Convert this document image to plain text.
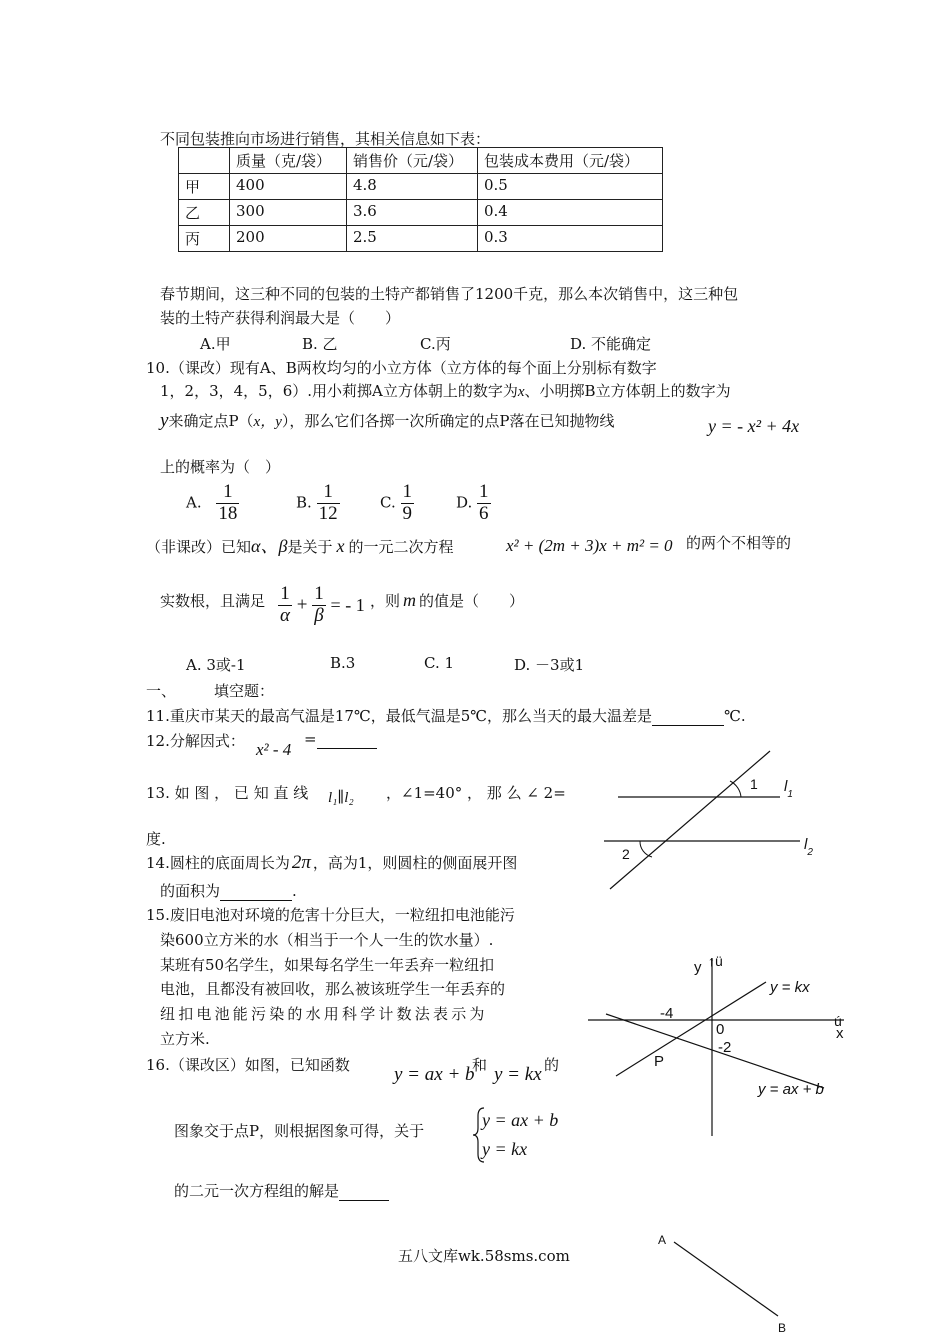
不同包装推向市场进行销售，其相关信息如下表：
	质量（克/袋）	销售价（元/袋）	包装成本费用（元/袋）
甲	400	4.8	0.5
乙	300	3.6	0.4
丙	200	2.5	0.3
春节期间，这三种不同的包装的土特产都销售了1200千克，那么本次销售中，这三种包
装的土特产获得利润最大是（　　）
A.甲	B. 乙	C.丙	D. 不能确定
10.（课改）现有A、B两枚均匀的小立方体（立方体的每个面上分别标有数字
1，2，3，4，5，6）.用小莉掷A立方体朝上的数字为x、小明掷B立方体朝上的数字为
y来确定点P（x，y），那么它们各掷一次所确定的点P落在已知抛物线	y = - x² + 4x
上的概率为（　）
A. $\frac{1}{18}$	B. $\frac{1}{12}$	C. $\frac{1}{9}$	D. $\frac{1}{6}$
（非课改）已知α、β是关于 x 的一元二次方程	x² + (2m + 3)x + m² = 0 的两个不相等的
实数根，且满足 $\frac{1}{\alpha} + \frac{1}{\beta}$ = - 1 ，则 m 的值是（　　）
A. 3或-1	B.3	C. 1	D. －3或1
一、	填空题：
11.重庆市某天的最高气温是17℃，最低气温是5℃，那么当天的最大温差是	℃.
12.分解因式： x² - 4
=
13. 如 图 ， 已 知 直 线 l₁∥l₂ ，∠1=40° ， 那 么 ∠ 2=
度.
14.圆柱的底面周长为 2π ，高为1，则圆柱的侧面展开图
的面积为	.
15.废旧电池对环境的危害十分巨大，一粒纽扣电池能污
染600立方米的水（相当于一个人一生的饮水量）.
某班有50名学生，如果每名学生一年丢弃一粒纽扣
电池，且都没有被回收，那么被该班学生一年丢弃的
纽扣电池能污染的水用科学计数法表示为
立方米.
16.（课改区）如图，已知函数 y = ax + b
和 y = kx 的
图象交于点P，则根据图象可得，关于
y = ax + b
y = kx
的二元一次方程组的解是
1
2
$l_1$
$l_2$
y ↑ü
ú
x
0
-4
-2
P
y = kx
y = ax + b
A
B
五八文库wk.58sms.com
